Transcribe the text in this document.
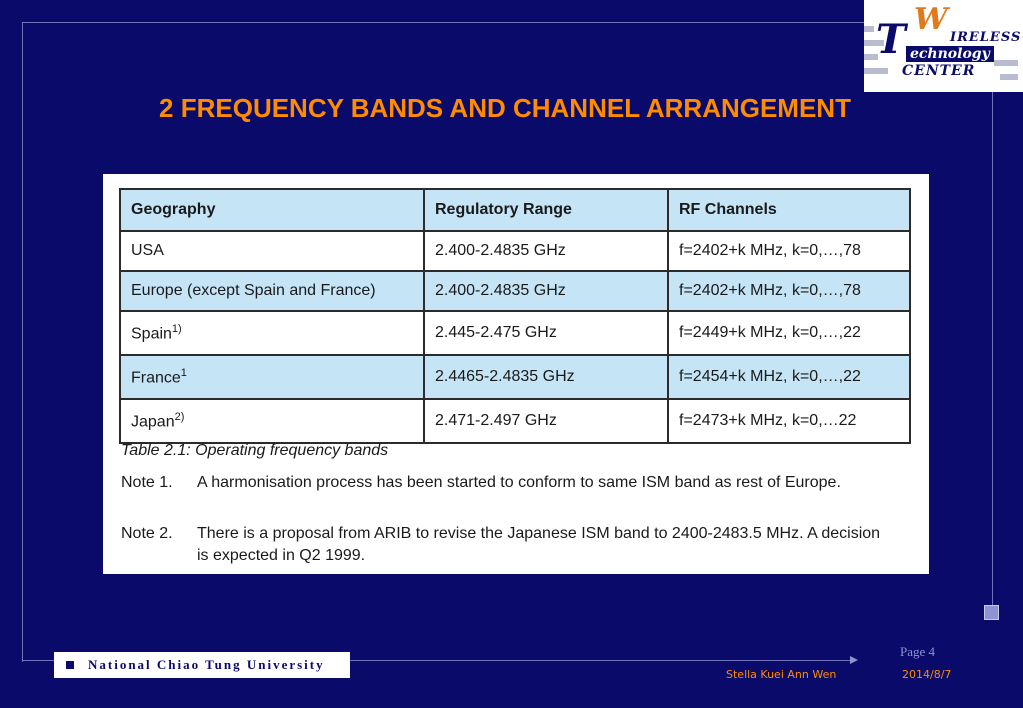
T W
IRELESS
echnology
CENTER
2 FREQUENCY BANDS AND CHANNEL ARRANGEMENT
Geography	Regulatory Range	RF Channels
USA	2.400-2.4835 GHz	f=2402+k MHz, k=0,…,78
Europe (except Spain and France)	2.400-2.4835 GHz	f=2402+k MHz, k=0,…,78
Spain$^{1)}$	2.445-2.475 GHz	f=2449+k MHz, k=0,…,22
France$^1$	2.4465-2.4835 GHz	f=2454+k MHz, k=0,…,22
Japan$^{2)}$	2.471-2.497 GHz	f=2473+k MHz, k=0,…22
Table 2.1: Operating frequency bands
Note 1.	A harmonisation process has been started to conform to same ISM band as rest of Europe.
Note 2.	There is a proposal from ARIB to revise the Japanese ISM band to 2400-2483.5 MHz. A decision is expected in Q2 1999.
National Chiao Tung University
Page 4
Stella Kuei Ann Wen	2014/8/7
